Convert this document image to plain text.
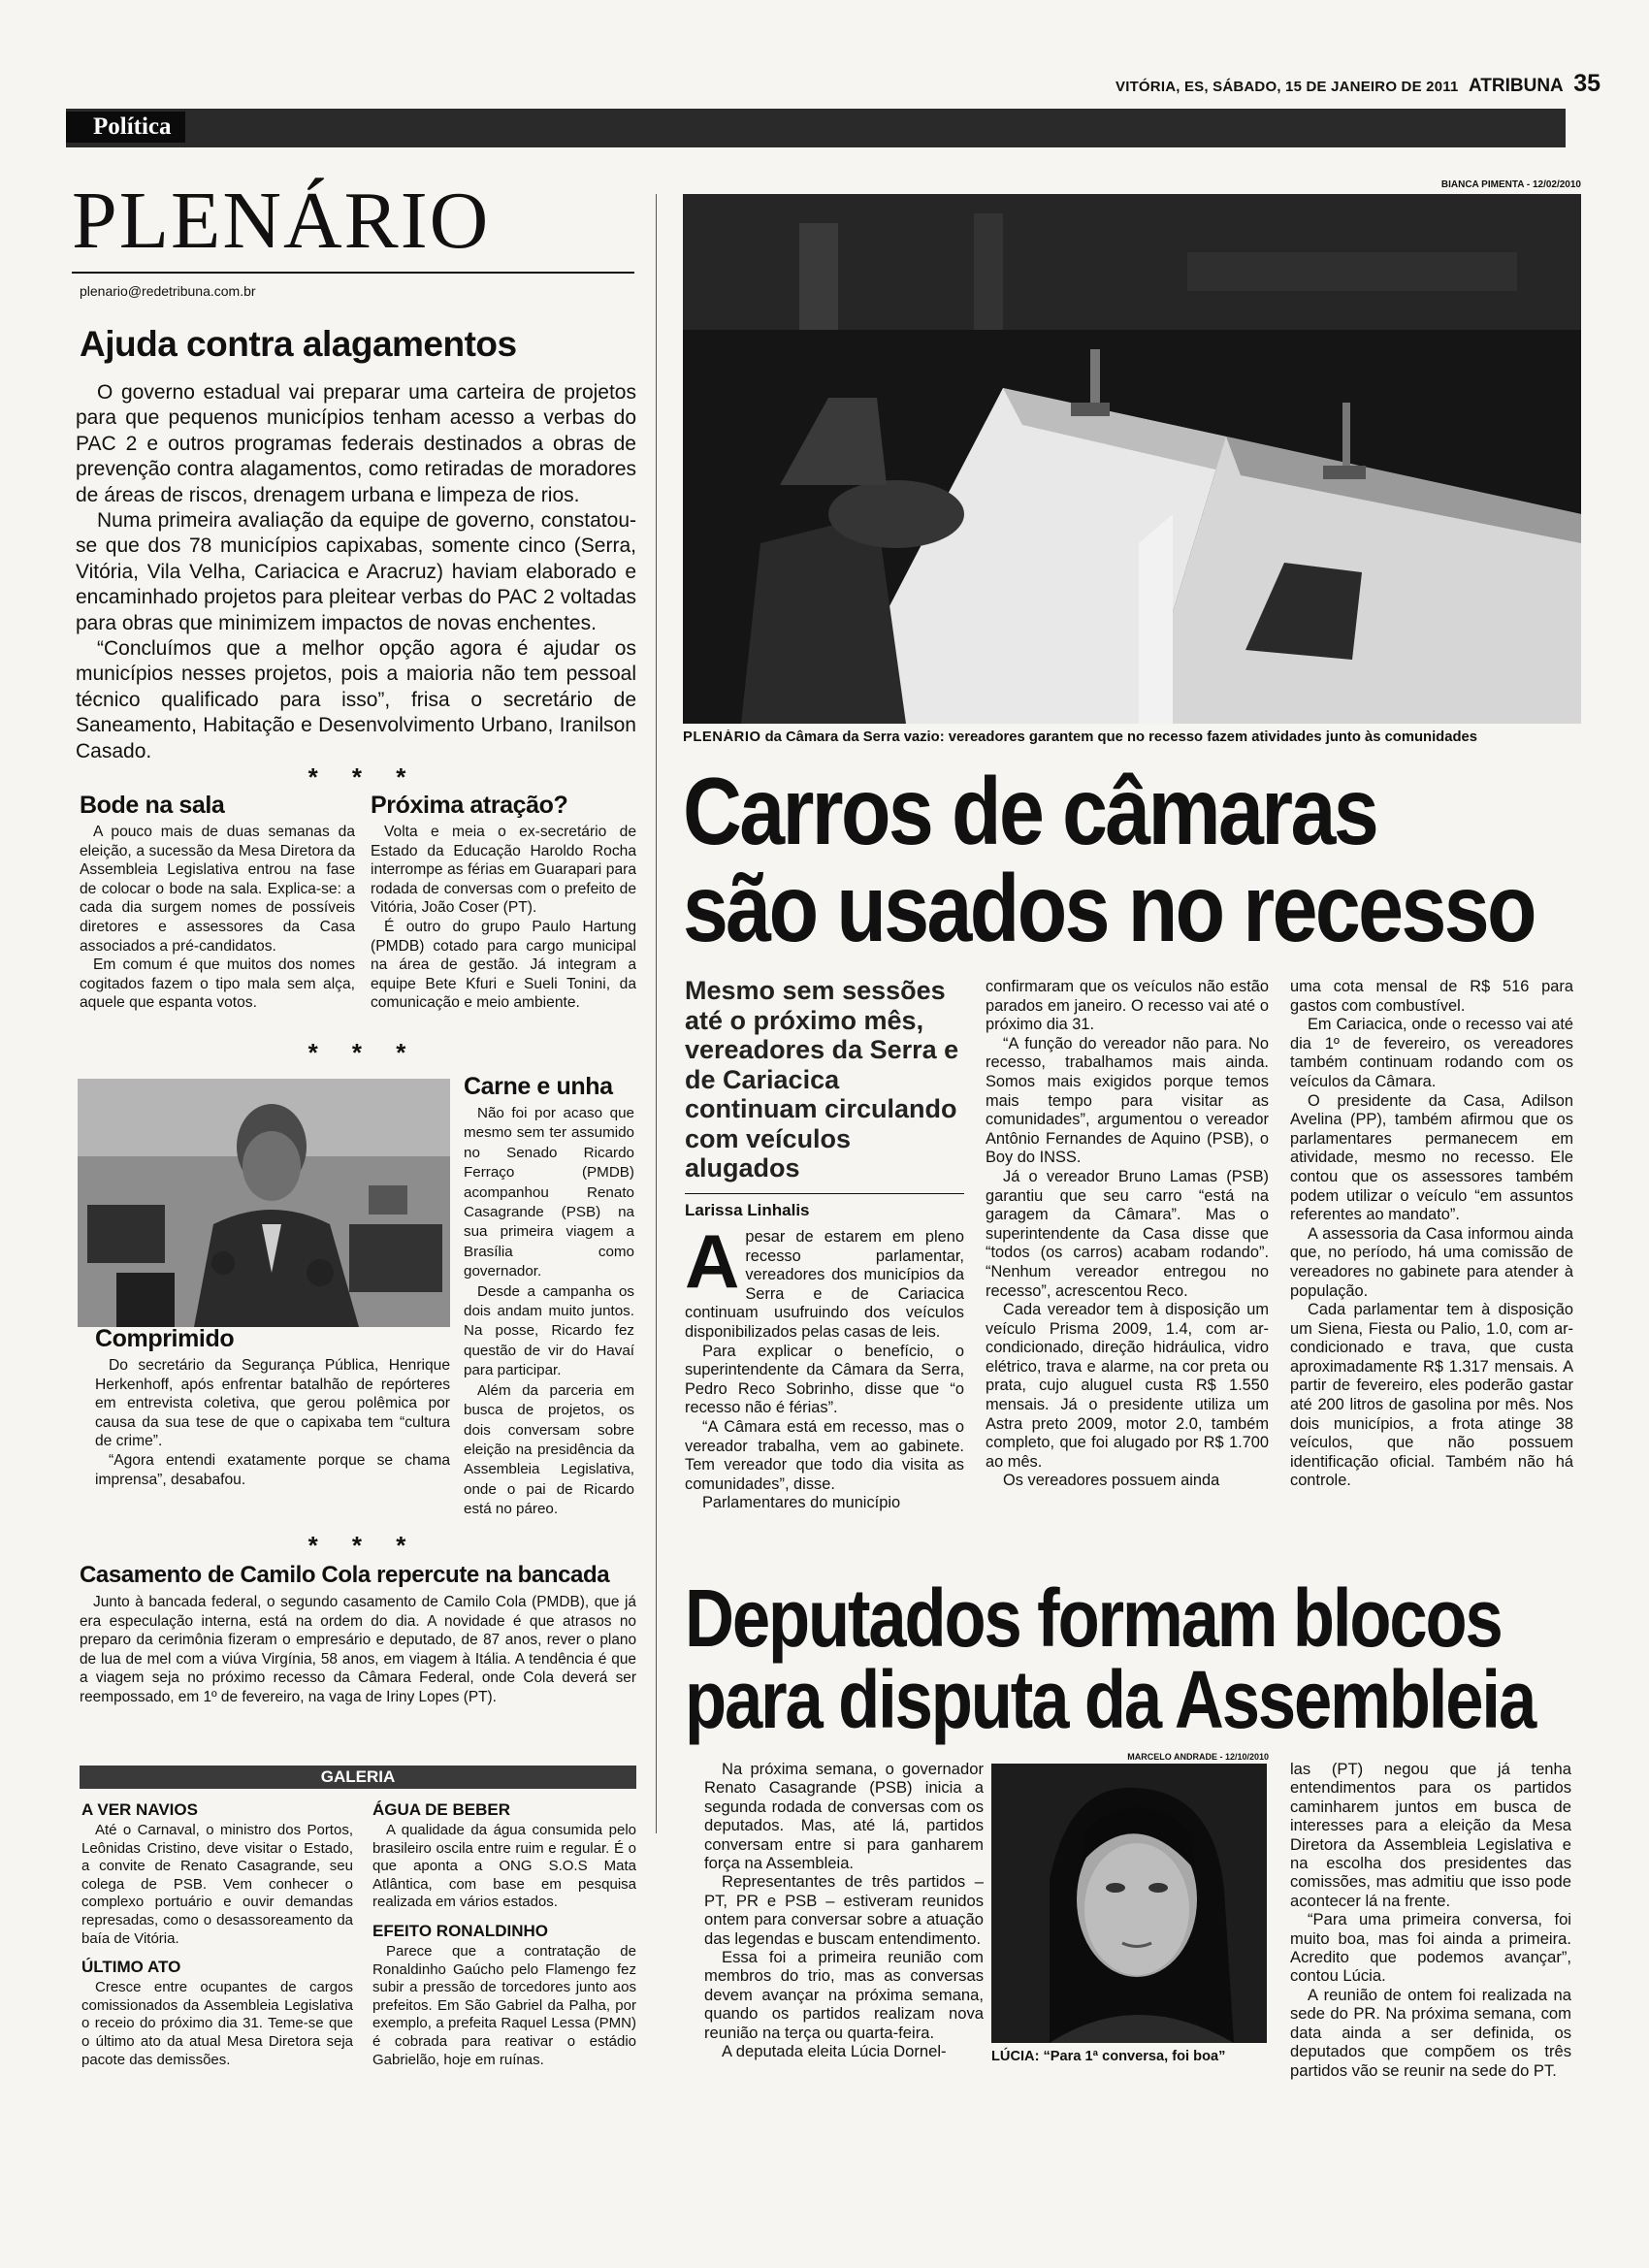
VITÓRIA, ES, SÁBADO, 15 DE JANEIRO DE 2011 ATRIBUNA 35
Política
PLENÁRIO
plenario@redetribuna.com.br
Ajuda contra alagamentos

O governo estadual vai preparar uma carteira de projetos para que pequenos municípios tenham acesso a verbas do PAC 2 e outros programas federais destinados a obras de prevenção contra alagamentos, como retiradas de moradores de áreas de riscos, drenagem urbana e limpeza de rios.

Numa primeira avaliação da equipe de governo, constatou-se que dos 78 municípios capixabas, somente cinco (Serra, Vitória, Vila Velha, Cariacica e Aracruz) haviam elaborado e encaminhado projetos para pleitear verbas do PAC 2 voltadas para obras que minimizem impactos de novas enchentes.

“Concluímos que a melhor opção agora é ajudar os municípios nesses projetos, pois a maioria não tem pessoal técnico qualificado para isso”, frisa o secretário de Saneamento, Habitação e Desenvolvimento Urbano, Iranilson Casado.

* * *
Bode na sala

A pouco mais de duas semanas da eleição, a sucessão da Mesa Diretora da Assembleia Legislativa entrou na fase de colocar o bode na sala. Explica-se: a cada dia surgem nomes de possíveis diretores e assessores da Casa associados a pré-candidatos.

Em comum é que muitos dos nomes cogitados fazem o tipo mala sem alça, aquele que espanta votos.

Próxima atração?

Volta e meia o ex-secretário de Estado da Educação Haroldo Rocha interrompe as férias em Guarapari para rodada de conversas com o prefeito de Vitória, João Coser (PT).

É outro do grupo Paulo Hartung (PMDB) cotado para cargo municipal na área de gestão. Já integram a equipe Bete Kfuri e Sueli Tonini, da comunicação e meio ambiente.

* * *
Carne e unha

Não foi por acaso que mesmo sem ter assumido no Senado Ricardo Ferraço (PMDB) acompanhou Renato Casagrande (PSB) na sua primeira viagem a Brasília como governador.

Desde a campanha os dois andam muito juntos. Na posse, Ricardo fez questão de vir do Havaí para participar.

Além da parceria em busca de projetos, os dois conversam sobre eleição na presidência da Assembleia Legislativa, onde o pai de Ricardo está no páreo.

Comprimido

Do secretário da Segurança Pública, Henrique Herkenhoff, após enfrentar batalhão de repórteres em entrevista coletiva, que gerou polêmica por causa da sua tese de que o capixaba tem “cultura de crime”.

“Agora entendi exatamente porque se chama imprensa”, desabafou.

* * *
Casamento de Camilo Cola repercute na bancada

Junto à bancada federal, o segundo casamento de Camilo Cola (PMDB), que já era especulação interna, está na ordem do dia. A novidade é que atrasos no preparo da cerimônia fizeram o empresário e deputado, de 87 anos, rever o plano de lua de mel com a viúva Virgínia, 58 anos, em viagem à Itália. A tendência é que a viagem seja no próximo recesso da Câmara Federal, onde Cola deverá ser reempossado, em 1º de fevereiro, na vaga de Iriny Lopes (PT).

GALERIA
A VER NAVIOS

Até o Carnaval, o ministro dos Portos, Leônidas Cristino, deve visitar o Estado, a convite de Renato Casagrande, seu colega de PSB. Vem conhecer o complexo portuário e ouvir demandas represadas, como o desassoreamento da baía de Vitória.

ÚLTIMO ATO

Cresce entre ocupantes de cargos comissionados da Assembleia Legislativa o receio do próximo dia 31. Teme-se que o último ato da atual Mesa Diretora seja pacote das demissões.

ÁGUA DE BEBER

A qualidade da água consumida pelo brasileiro oscila entre ruim e regular. É o que aponta a ONG S.O.S Mata Atlântica, com base em pesquisa realizada em vários estados.

EFEITO RONALDINHO

Parece que a contratação de Ronaldinho Gaúcho pelo Flamengo fez subir a pressão de torcedores junto aos prefeitos. Em São Gabriel da Palha, por exemplo, a prefeita Raquel Lessa (PMN) é cobrada para reativar o estádio Gabrielão, hoje em ruínas.

BIANCA PIMENTA - 12/02/2010
PLENÁRIO da Câmara da Serra vazio: vereadores garantem que no recesso fazem atividades junto às comunidades
Carros de câmaras
são usados no recesso
Mesmo sem sessões até o próximo mês, vereadores da Serra e de Cariacica continuam circulando com veículos alugados
Larissa Linhalis

Apesar de estarem em pleno recesso parlamentar, vereadores dos municípios da Serra e de Cariacica continuam usufruindo dos veículos disponibilizados pelas casas de leis.

Para explicar o benefício, o superintendente da Câmara da Serra, Pedro Reco Sobrinho, disse que “o recesso não é férias”.

“A Câmara está em recesso, mas o vereador trabalha, vem ao gabinete. Tem vereador que todo dia visita as comunidades”, disse.

Parlamentares do município

confirmaram que os veículos não estão parados em janeiro. O recesso vai até o próximo dia 31.

“A função do vereador não para. No recesso, trabalhamos mais ainda. Somos mais exigidos porque temos mais tempo para visitar as comunidades”, argumentou o vereador Antônio Fernandes de Aquino (PSB), o Boy do INSS.

Já o vereador Bruno Lamas (PSB) garantiu que seu carro “está na garagem da Câmara”. Mas o superintendente da Casa disse que “todos (os carros) acabam rodando”. “Nenhum vereador entregou no recesso”, acrescentou Reco.

Cada vereador tem à disposição um veículo Prisma 2009, 1.4, com ar-condicionado, direção hidráulica, vidro elétrico, trava e alarme, na cor preta ou prata, cujo aluguel custa R$ 1.550 mensais. Já o presidente utiliza um Astra preto 2009, motor 2.0, também completo, que foi alugado por R$ 1.700 ao mês.

Os vereadores possuem ainda

uma cota mensal de R$ 516 para gastos com combustível.

Em Cariacica, onde o recesso vai até dia 1º de fevereiro, os vereadores também continuam rodando com os veículos da Câmara.

O presidente da Casa, Adilson Avelina (PP), também afirmou que os parlamentares permanecem em atividade, mesmo no recesso. Ele contou que os assessores também podem utilizar o veículo “em assuntos referentes ao mandato”.

A assessoria da Casa informou ainda que, no período, há uma comissão de vereadores no gabinete para atender à população.

Cada parlamentar tem à disposição um Siena, Fiesta ou Palio, 1.0, com ar-condicionado e trava, que custa aproximadamente R$ 1.317 mensais. A partir de fevereiro, eles poderão gastar até 200 litros de gasolina por mês. Nos dois municípios, a frota atinge 38 veículos, que não possuem identificação oficial. Também não há controle.

Deputados formam blocos
para disputa da Assembleia

Na próxima semana, o governador Renato Casagrande (PSB) inicia a segunda rodada de conversas com os deputados. Mas, até lá, partidos conversam entre si para ganharem força na Assembleia.

Representantes de três partidos – PT, PR e PSB – estiveram reunidos ontem para conversar sobre a atuação das legendas e buscam entendimento.

Essa foi a primeira reunião com membros do trio, mas as conversas devem avançar na próxima semana, quando os partidos realizam nova reunião na terça ou quarta-feira.

A deputada eleita Lúcia Dornel-

MARCELO ANDRADE - 12/10/2010
LÚCIA: “Para 1ª conversa, foi boa”

las (PT) negou que já tenha entendimentos para os partidos caminharem juntos em busca de interesses para a eleição da Mesa Diretora da Assembleia Legislativa e na escolha dos presidentes das comissões, mas admitiu que isso pode acontecer lá na frente.

“Para uma primeira conversa, foi muito boa, mas foi ainda a primeira. Acredito que podemos avançar”, contou Lúcia.

A reunião de ontem foi realizada na sede do PR. Na próxima semana, com data ainda a ser definida, os deputados que compõem os três partidos vão se reunir na sede do PT.
